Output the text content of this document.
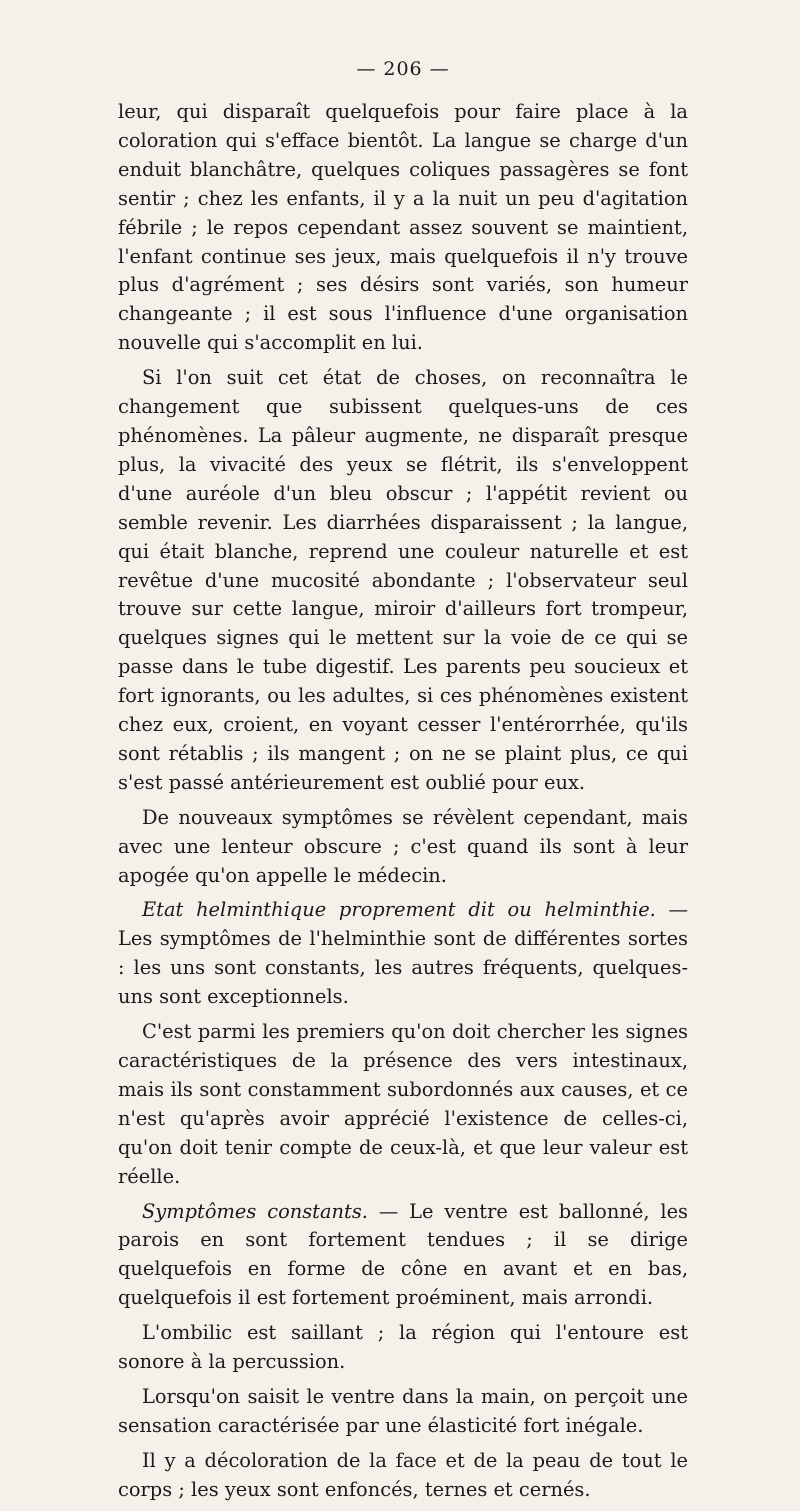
— 206 —

leur, qui disparaît quelquefois pour faire place à la coloration qui s'efface bientôt. La langue se charge d'un enduit blanchâtre, quelques coliques passagères se font sentir ; chez les enfants, il y a la nuit un peu d'agitation fébrile ; le repos cependant assez souvent se maintient, l'enfant continue ses jeux, mais quelquefois il n'y trouve plus d'agrément ; ses désirs sont variés, son humeur changeante ; il est sous l'influence d'une organisation nouvelle qui s'accomplit en lui.

Si l'on suit cet état de choses, on reconnaîtra le changement que subissent quelques-uns de ces phénomènes. La pâleur augmente, ne disparaît presque plus, la vivacité des yeux se flétrit, ils s'enveloppent d'une auréole d'un bleu obscur ; l'appétit revient ou semble revenir. Les diarrhées disparaissent ; la langue, qui était blanche, reprend une couleur naturelle et est revêtue d'une mucosité abondante ; l'observateur seul trouve sur cette langue, miroir d'ailleurs fort trompeur, quelques signes qui le mettent sur la voie de ce qui se passe dans le tube digestif. Les parents peu soucieux et fort ignorants, ou les adultes, si ces phénomènes existent chez eux, croient, en voyant cesser l'entérorrhée, qu'ils sont rétablis ; ils mangent ; on ne se plaint plus, ce qui s'est passé antérieurement est oublié pour eux.

De nouveaux symptômes se révèlent cependant, mais avec une lenteur obscure ; c'est quand ils sont à leur apogée qu'on appelle le médecin.

Etat helminthique proprement dit ou helminthie. — Les symptômes de l'helminthie sont de différentes sortes : les uns sont constants, les autres fréquents, quelques-uns sont exceptionnels.

C'est parmi les premiers qu'on doit chercher les signes caractéristiques de la présence des vers intestinaux, mais ils sont constamment subordonnés aux causes, et ce n'est qu'après avoir apprécié l'existence de celles-ci, qu'on doit tenir compte de ceux-là, et que leur valeur est réelle.

Symptômes constants. — Le ventre est ballonné, les parois en sont fortement tendues ; il se dirige quelquefois en forme de cône en avant et en bas, quelquefois il est fortement proéminent, mais arrondi.

L'ombilic est saillant ; la région qui l'entoure est sonore à la percussion.

Lorsqu'on saisit le ventre dans la main, on perçoit une sensation caractérisée par une élasticité fort inégale.

Il y a décoloration de la face et de la peau de tout le corps ; les yeux sont enfoncés, ternes et cernés.
